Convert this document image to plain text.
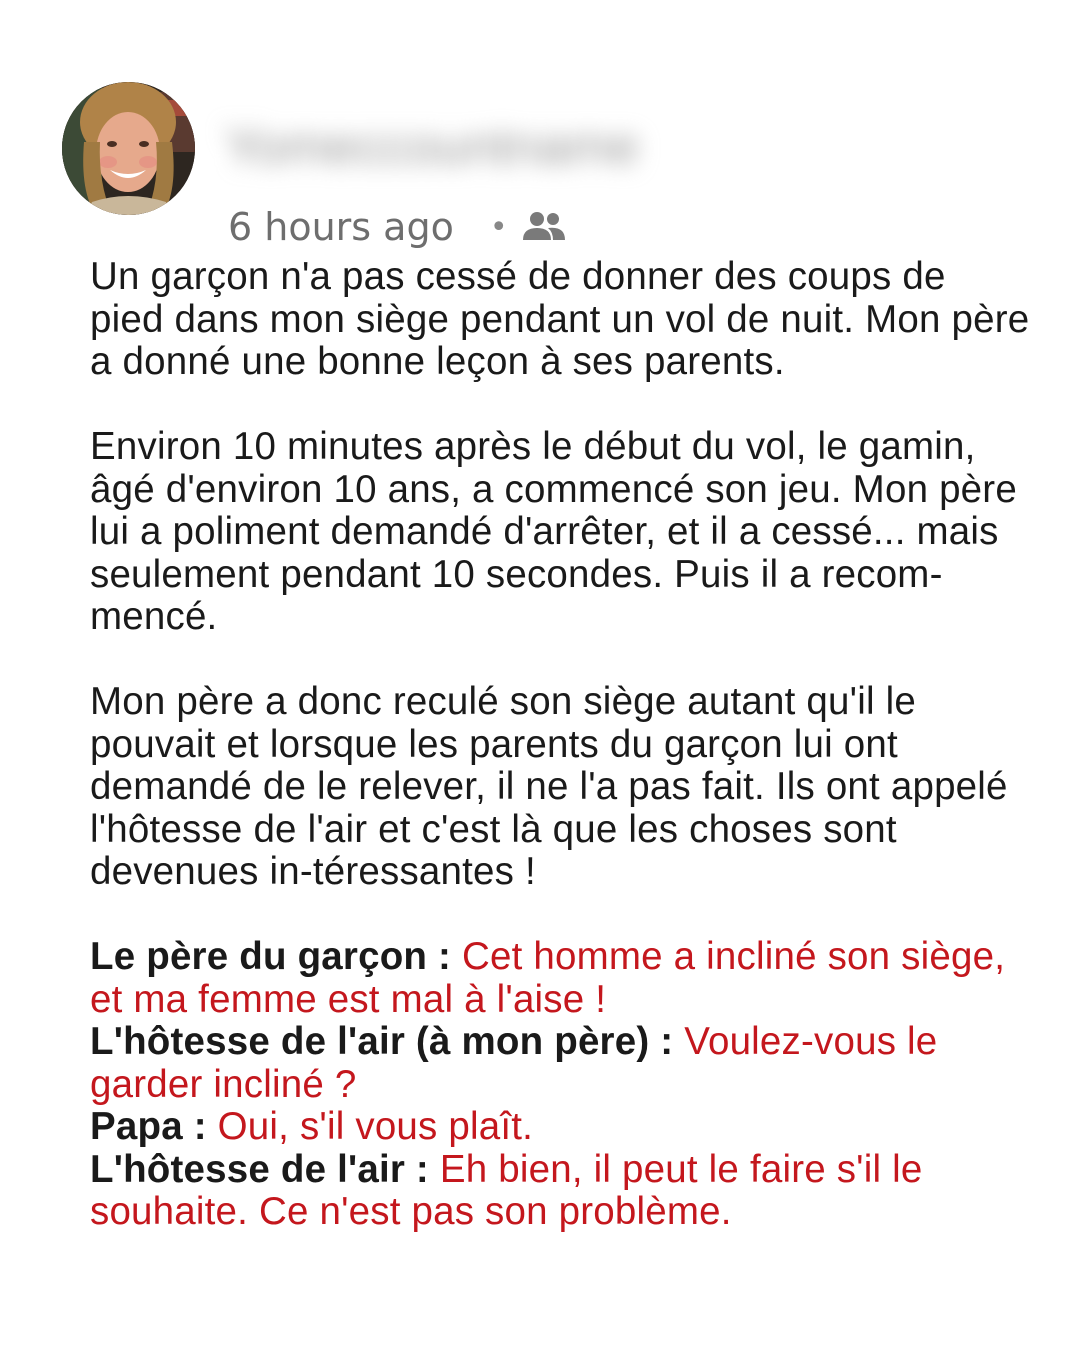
Yomeccountname
6 hours ago •

Un garçon n'a pas cessé de donner des coups de pied dans mon siège pendant un vol de nuit. Mon père a donné une bonne leçon à ses parents.

Environ 10 minutes après le début du vol, le gamin, âgé d'environ 10 ans, a commencé son jeu. Mon père lui a poliment demandé d'arrêter, et il a cessé... mais seulement pendant 10 secondes. Puis il a recom-mencé.

Mon père a donc reculé son siège autant qu'il le pouvait et lorsque les parents du garçon lui ont demandé de le relever, il ne l'a pas fait. Ils ont appelé l'hôtesse de l'air et c'est là que les choses sont devenues in-téressantes !

Le père du garçon : Cet homme a incliné son siège, et ma femme est mal à l'aise !

L'hôtesse de l'air (à mon père) : Voulez-vous le garder incliné ?

Papa : Oui, s'il vous plaît.

L'hôtesse de l'air : Eh bien, il peut le faire s'il le souhaite. Ce n'est pas son problème.
